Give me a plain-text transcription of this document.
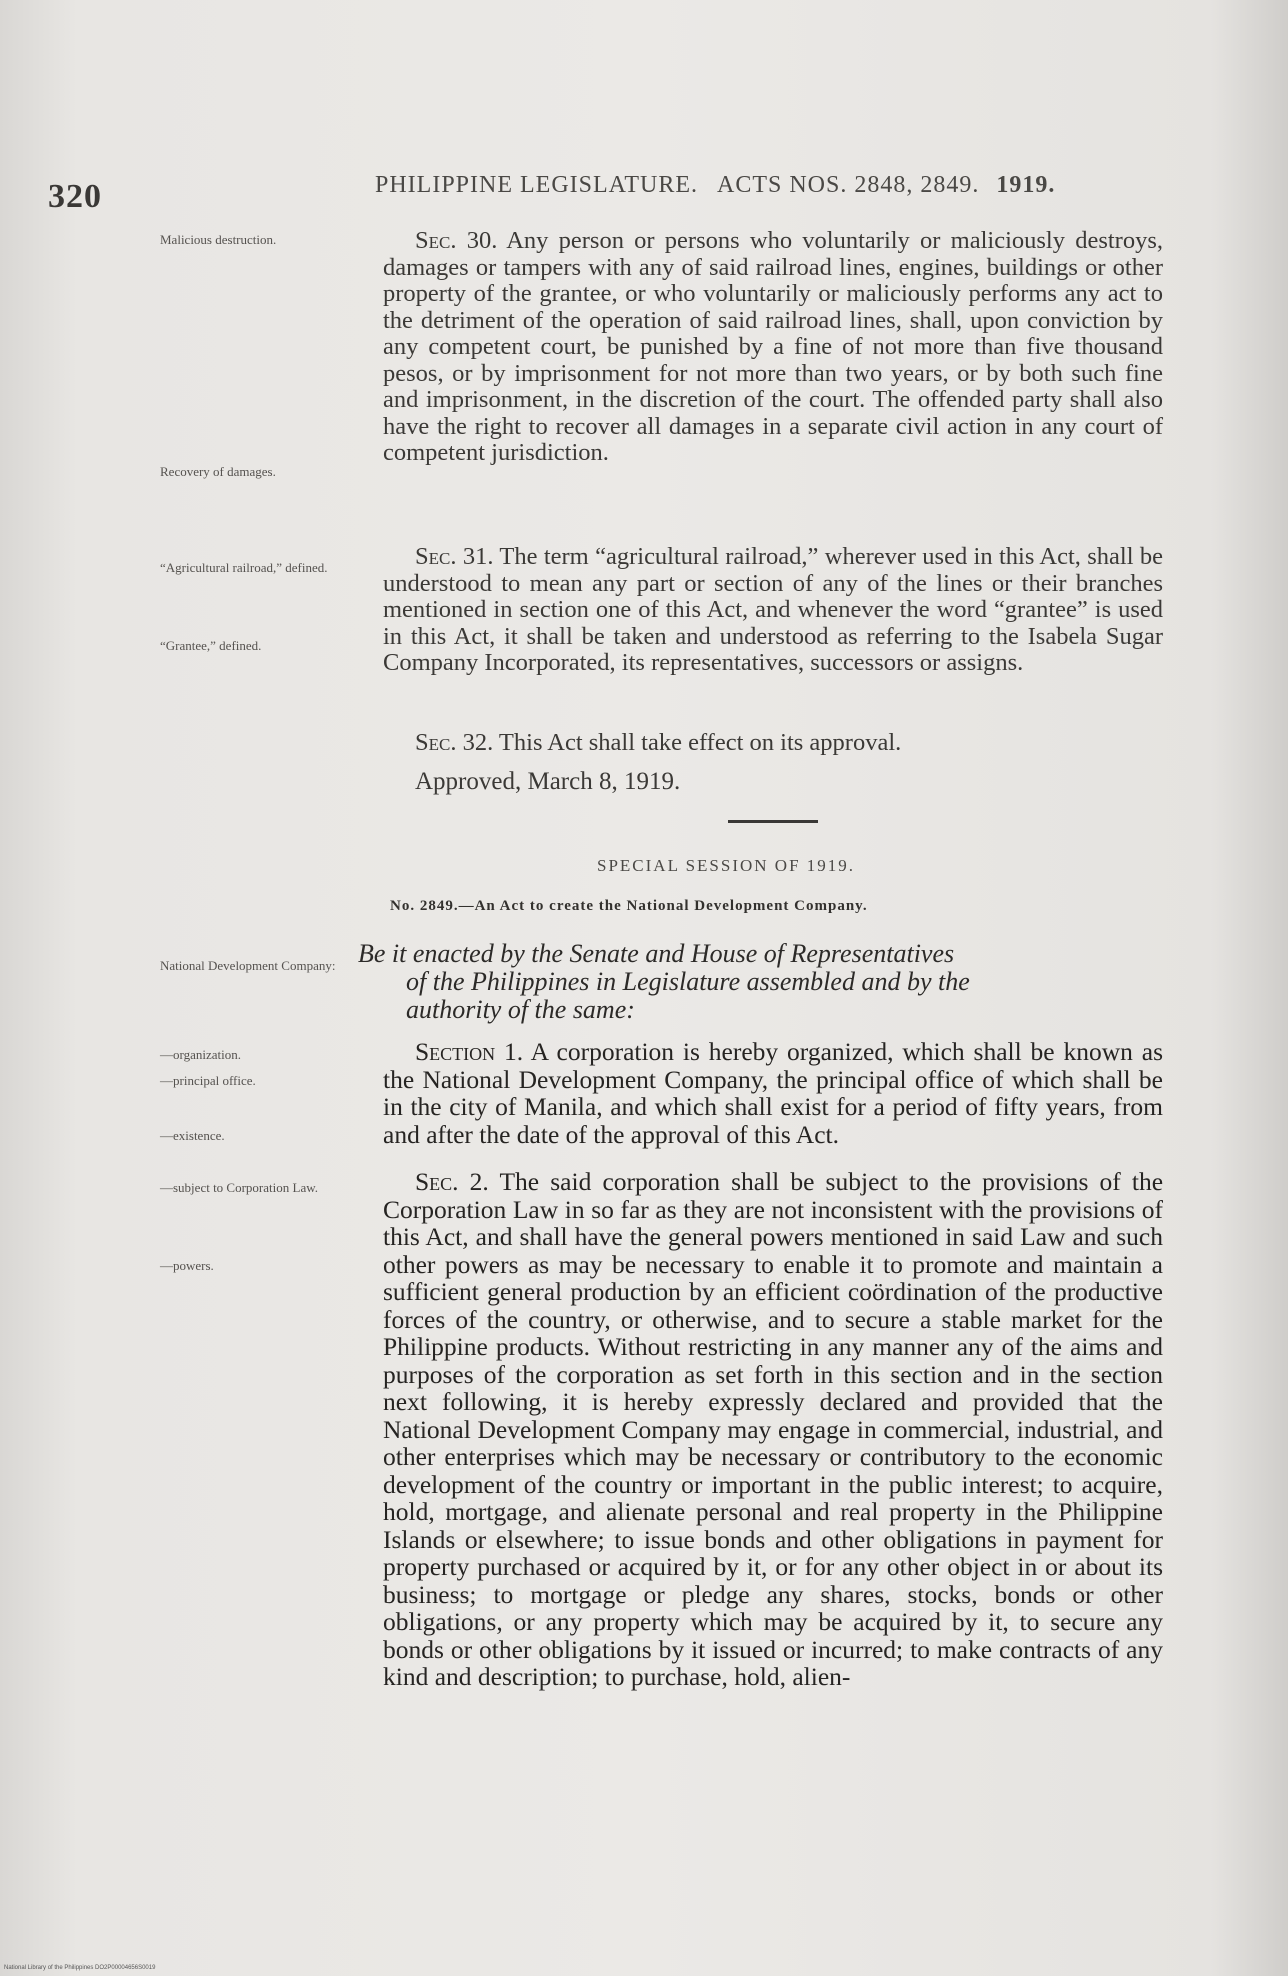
320	PHILIPPINE LEGISLATURE. ACTS NOS. 2848, 2849. 1919.
Malicious destruction.
Recovery of damages.
“Agricultural railroad,” defined.
“Grantee,” defined.
National Development Company:
—organization.
—principal office.
—existence.
—subject to Corporation Law.
—powers.
Sec. 30. Any person or persons who voluntarily or maliciously destroys, damages or tampers with any of said railroad lines, engines, buildings or other property of the grantee, or who voluntarily or maliciously performs any act to the detriment of the operation of said railroad lines, shall, upon conviction by any competent court, be punished by a fine of not more than five thousand pesos, or by imprisonment for not more than two years, or by both such fine and imprisonment, in the discretion of the court. The offended party shall also have the right to recover all damages in a separate civil action in any court of competent jurisdiction.
Sec. 31. The term “agricultural railroad,” wherever used in this Act, shall be understood to mean any part or section of any of the lines or their branches mentioned in section one of this Act, and whenever the word “grantee” is used in this Act, it shall be taken and understood as referring to the Isabela Sugar Company Incorporated, its representatives, successors or assigns.
Sec. 32. This Act shall take effect on its approval.
Approved, March 8, 1919.
SPECIAL SESSION OF 1919.
No. 2849.—An Act to create the National Development Company.
Be it enacted by the Senate and House of Representatives
of the Philippines in Legislature assembled and by the
authority of the same:
Section 1. A corporation is hereby organized, which shall be known as the National Development Company, the principal office of which shall be in the city of Manila, and which shall exist for a period of fifty years, from and after the date of the approval of this Act.
Sec. 2. The said corporation shall be subject to the provisions of the Corporation Law in so far as they are not inconsistent with the provisions of this Act, and shall have the general powers mentioned in said Law and such other powers as may be necessary to enable it to promote and maintain a sufficient general production by an efficient coördination of the productive forces of the country, or otherwise, and to secure a stable market for the Philippine products. Without restricting in any manner any of the aims and purposes of the corporation as set forth in this section and in the section next following, it is hereby expressly declared and provided that the National Development Company may engage in commercial, industrial, and other enterprises which may be necessary or contributory to the economic development of the country or important in the public interest; to acquire, hold, mortgage, and alienate personal and real property in the Philippine Islands or elsewhere; to issue bonds and other obligations in payment for property purchased or acquired by it, or for any other object in or about its business; to mortgage or pledge any shares, stocks, bonds or other obligations, or any property which may be acquired by it, to secure any bonds or other obligations by it issued or incurred; to make contracts of any kind and description; to purchase, hold, alien-
National Library of the Philippines DO2P00004656S0019
